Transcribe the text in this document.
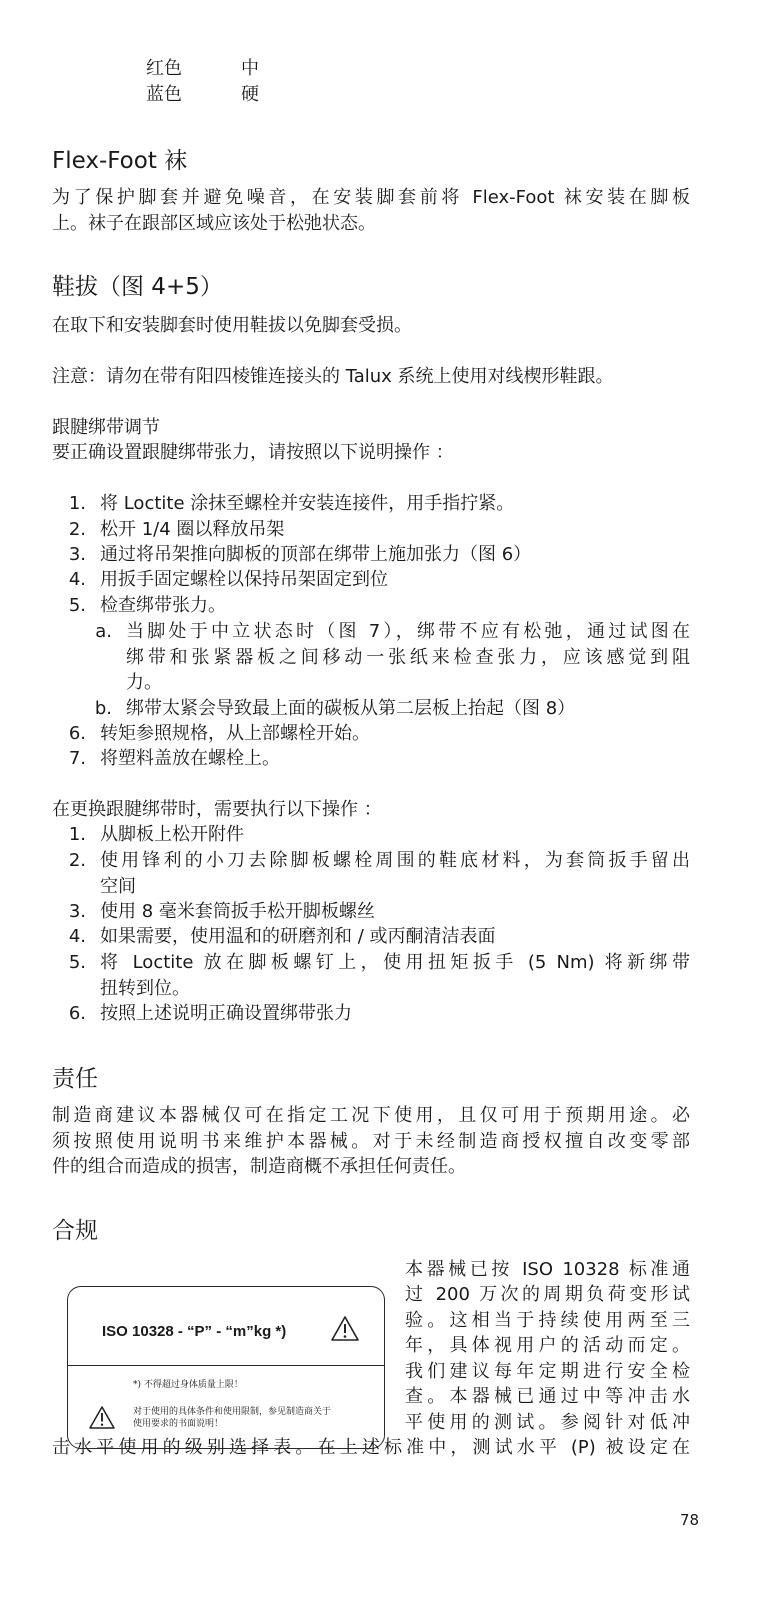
红色	中
蓝色	硬
Flex-Foot 袜
为了保护脚套并避免噪音，在安装脚套前将 Flex-Foot 袜安装在脚板
上。袜子在跟部区域应该处于松弛状态。
鞋拔（图 4+5）
在取下和安装脚套时使用鞋拔以免脚套受损。
注意：请勿在带有阳四棱锥连接头的 Talux 系统上使用对线楔形鞋跟。
跟腱绑带调节
要正确设置跟腱绑带张力，请按照以下说明操作 ：
1. 将 Loctite 涂抹至螺栓并安装连接件，用手指拧紧。
2. 松开 1/4 圈以释放吊架
3. 通过将吊架推向脚板的顶部在绑带上施加张力（图 6）
4. 用扳手固定螺栓以保持吊架固定到位
5. 检查绑带张力。
a. 当脚处于中立状态时（图 7），绑带不应有松弛，通过试图在
绑带和张紧器板之间移动一张纸来检查张力，应该感觉到阻
力。
b. 绑带太紧会导致最上面的碳板从第二层板上抬起（图 8）
6. 转矩参照规格，从上部螺栓开始。
7. 将塑料盖放在螺栓上。
在更换跟腱绑带时，需要执行以下操作 ：
1. 从脚板上松开附件
2. 使用锋利的小刀去除脚板螺栓周围的鞋底材料，为套筒扳手留出
空间
3. 使用 8 毫米套筒扳手松开脚板螺丝
4. 如果需要，使用温和的研磨剂和 / 或丙酮清洁表面
5. 将 Loctite 放在脚板螺钉上，使用扭矩扳手 (5 Nm) 将新绑带
扭转到位。
6. 按照上述说明正确设置绑带张力
责任
制造商建议本器械仅可在指定工况下使用，且仅可用于预期用途。必
须按照使用说明书来维护本器械。对于未经制造商授权擅自改变零部
件的组合而造成的损害，制造商概不承担任何责任。
合规
ISO 10328 - “P” - “m”kg *)
*) 不得超过身体质量上限！
对于使用的具体条件和使用限制，参见制造商关于
使用要求的书面说明！
本器械已按 ISO 10328 标准通
过 200 万次的周期负荷变形试
验。这相当于持续使用两至三
年，具体视用户的活动而定。
我们建议每年定期进行安全检
查。本器械已通过中等冲击水
平使用的测试。参阅针对低冲
击水平使用的级别选择表。在上述标准中，测试水平 (P) 被设定在
78
